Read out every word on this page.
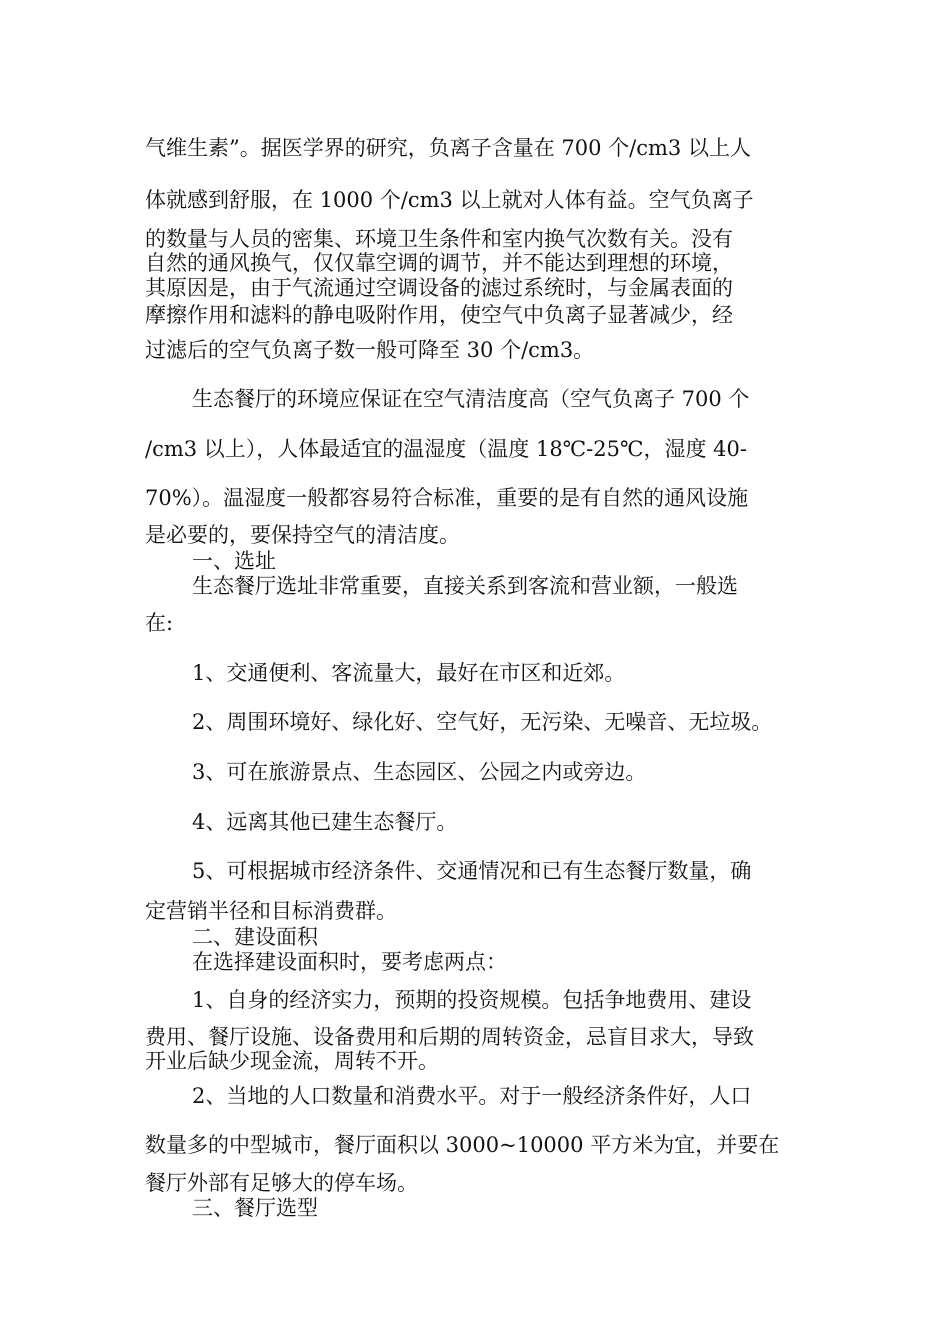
气维生素”。据医学界的研究，负离子含量在 700 个/cm3 以上人
体就感到舒服，在 1000 个/cm3 以上就对人体有益。空气负离子
的数量与人员的密集、环境卫生条件和室内换气次数有关。没有
自然的通风换气，仅仅靠空调的调节，并不能达到理想的环境，
其原因是，由于气流通过空调设备的滤过系统时，与金属表面的
摩擦作用和滤料的静电吸附作用，使空气中负离子显著减少，经
过滤后的空气负离子数一般可降至 30 个/cm3。
生态餐厅的环境应保证在空气清洁度高（空气负离子 700 个
/cm3 以上），人体最适宜的温湿度（温度 18℃-25℃，湿度 40-
70%）。温湿度一般都容易符合标准，重要的是有自然的通风设施
是必要的，要保持空气的清洁度。
一、选址
生态餐厅选址非常重要，直接关系到客流和营业额，一般选
在:
1、交通便利、客流量大，最好在市区和近郊。
2、周围环境好、绿化好、空气好，无污染、无噪音、无垃圾。
3、可在旅游景点、生态园区、公园之内或旁边。
4、远离其他已建生态餐厅。
5、可根据城市经济条件、交通情况和已有生态餐厅数量，确
定营销半径和目标消费群。
二、建设面积
在选择建设面积时，要考虑两点：
1、自身的经济实力，预期的投资规模。包括争地费用、建设
费用、餐厅设施、设备费用和后期的周转资金，忌盲目求大，导致
开业后缺少现金流，周转不开。
2、当地的人口数量和消费水平。对于一般经济条件好，人口
数量多的中型城市，餐厅面积以 3000~10000 平方米为宜，并要在
餐厅外部有足够大的停车场。
三、餐厅选型
